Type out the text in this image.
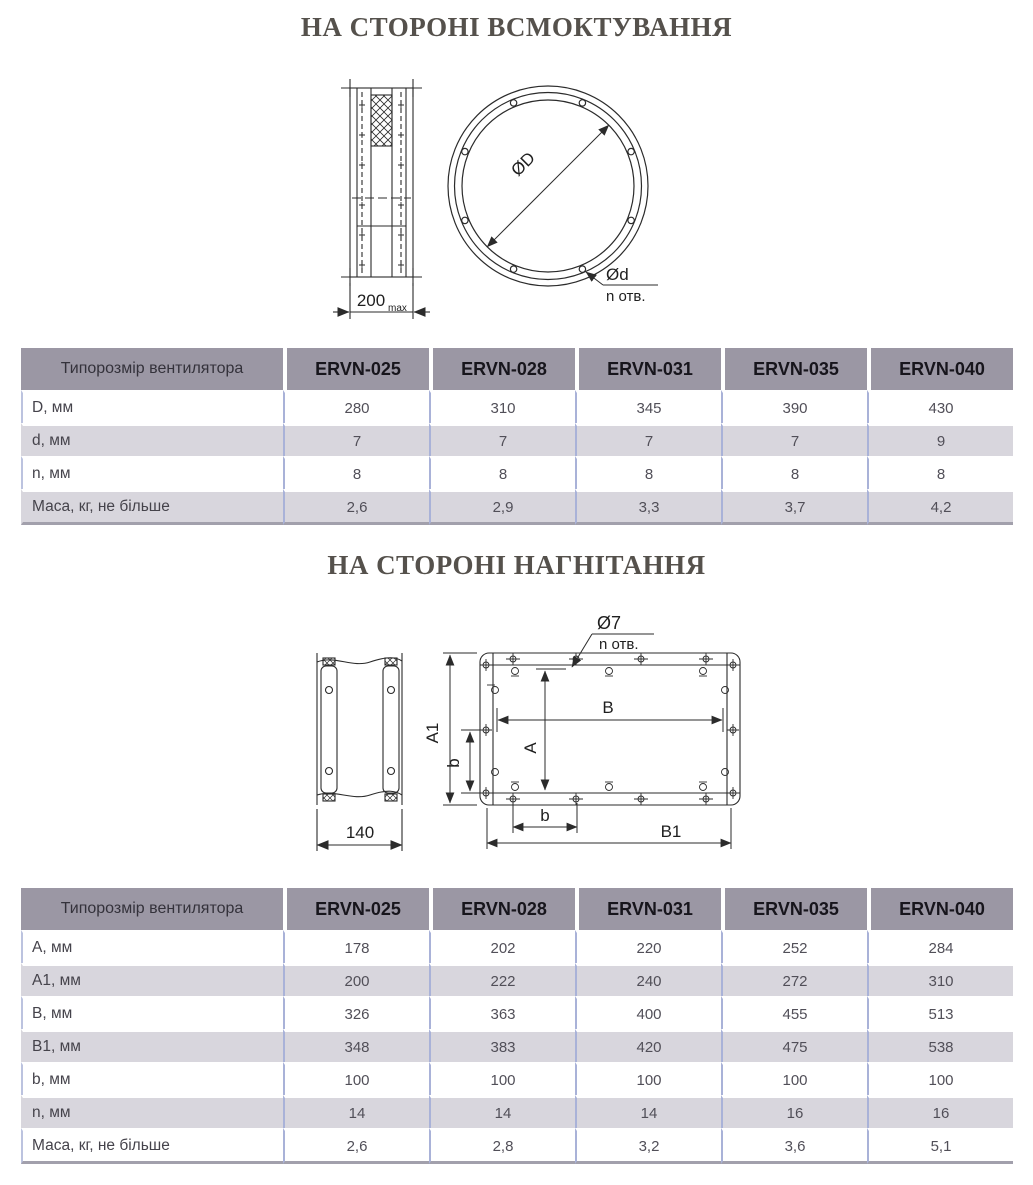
НА СТОРОНІ ВСМОКТУВАННЯ
200 max
ØD
Ød
n отв.
Типорозмір вентилятора	ERVN-025	ERVN-028	ERVN-031	ERVN-035	ERVN-040
D, мм	280	310	345	390	430
d, мм	7	7	7	7	9
n, мм	8	8	8	8	8
Маса, кг, не більше	2,6	2,9	3,3	3,7	4,2
НА СТОРОНІ НАГНІТАННЯ
140
A1
b
A
B
b
B1
Ø7
n отв.
Типорозмір вентилятора	ERVN-025	ERVN-028	ERVN-031	ERVN-035	ERVN-040
A, мм	178	202	220	252	284
A1, мм	200	222	240	272	310
B, мм	326	363	400	455	513
B1, мм	348	383	420	475	538
b, мм	100	100	100	100	100
n, мм	14	14	14	16	16
Маса, кг, не більше	2,6	2,8	3,2	3,6	5,1
